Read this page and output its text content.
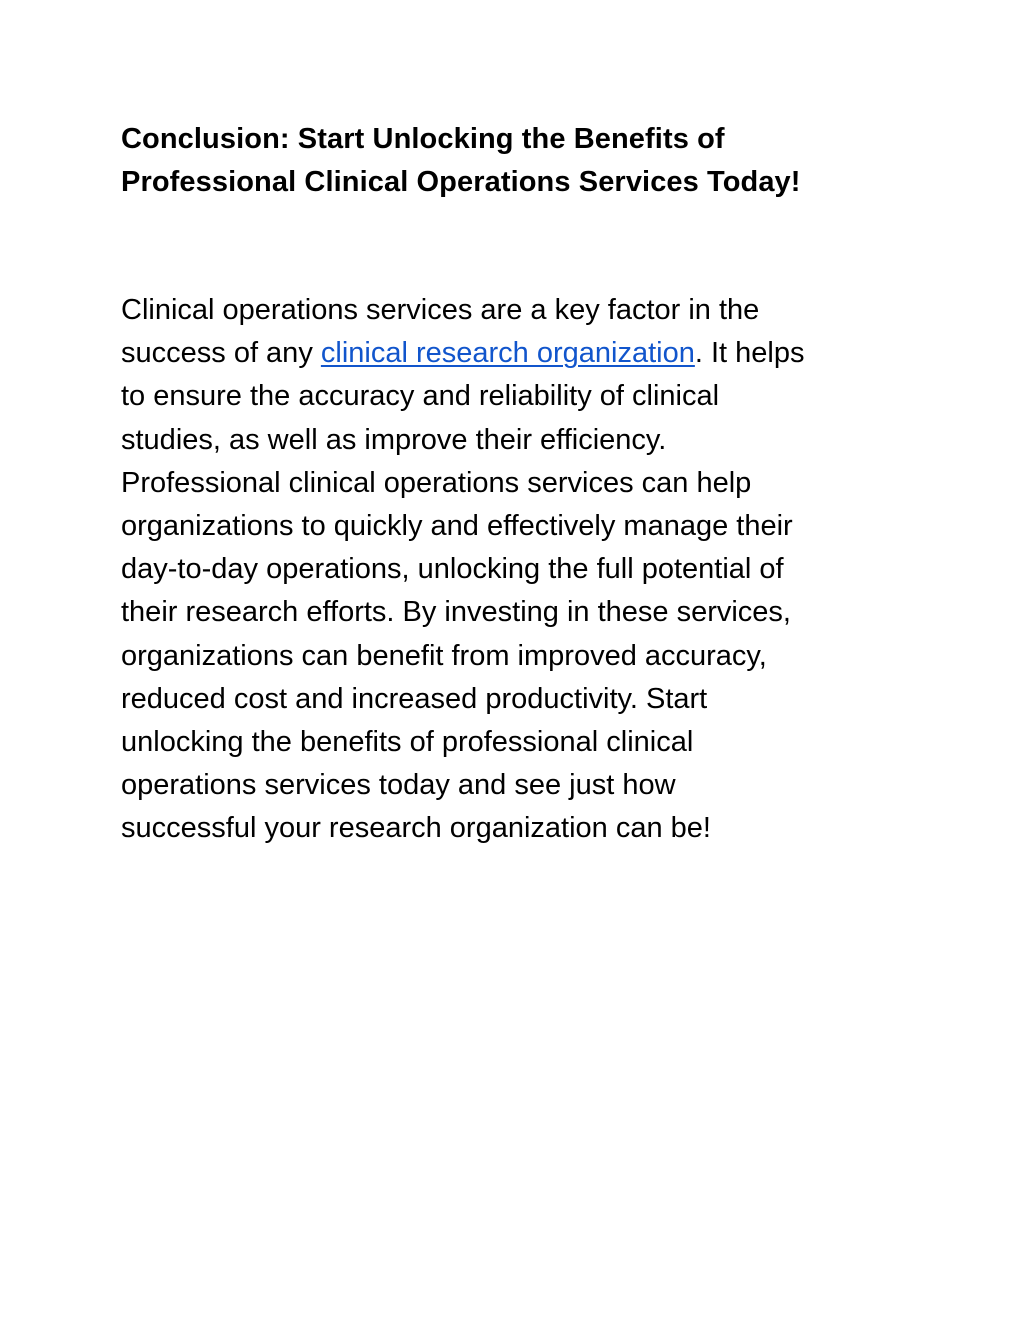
Conclusion: Start Unlocking the Benefits of
Professional Clinical Operations Services Today!

Clinical operations services are a key factor in the
success of any clinical research organization. It helps
to ensure the accuracy and reliability of clinical
studies, as well as improve their efficiency.
Professional clinical operations services can help
organizations to quickly and effectively manage their
day-to-day operations, unlocking the full potential of
their research efforts. By investing in these services,
organizations can benefit from improved accuracy,
reduced cost and increased productivity. Start
unlocking the benefits of professional clinical
operations services today and see just how
successful your research organization can be!
